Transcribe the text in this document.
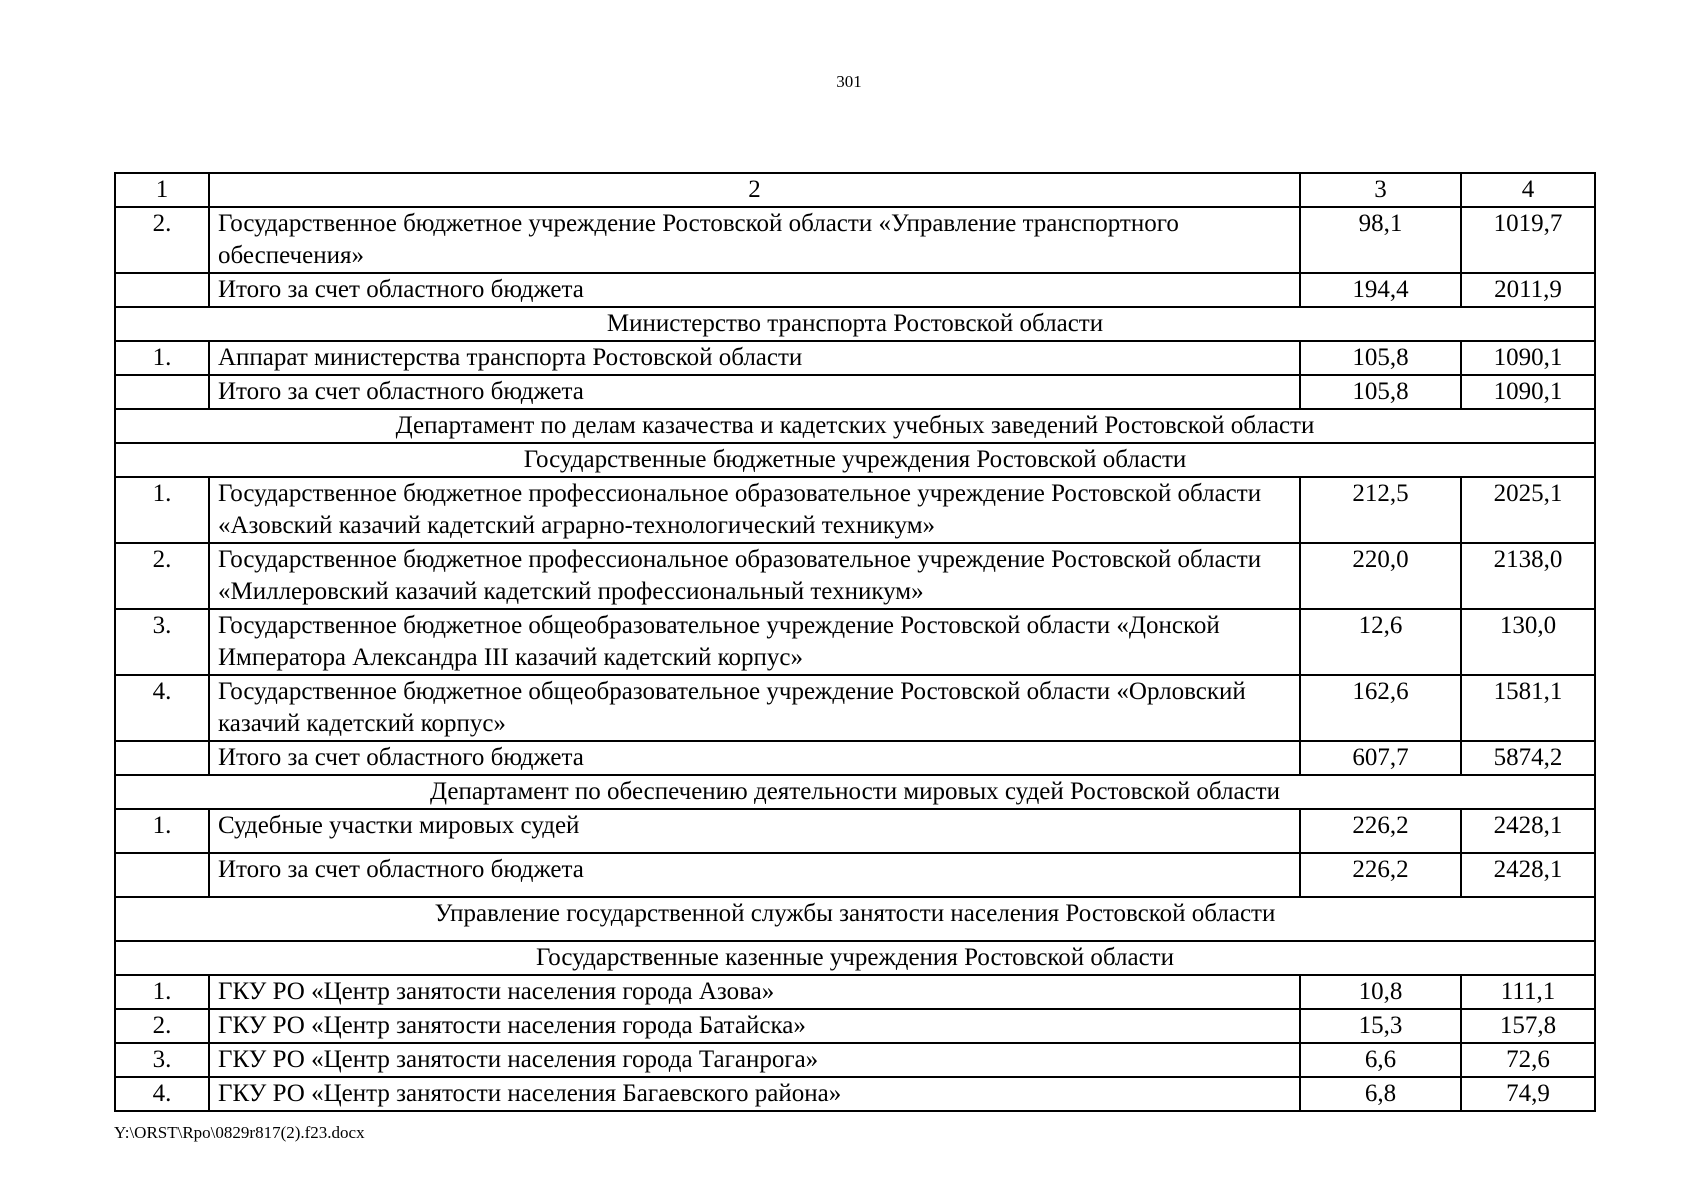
301
1	2	3	4
2.	Государственное бюджетное учреждение Ростовской области «Управление транспортного обеспечения»	98,1	1019,7
	Итого за счет областного бюджета	194,4	2011,9
Министерство транспорта Ростовской области			
1.	Аппарат министерства транспорта Ростовской области	105,8	1090,1
	Итого за счет областного бюджета	105,8	1090,1
Департамент по делам казачества и кадетских учебных заведений Ростовской области			
Государственные бюджетные учреждения Ростовской области			
1.	Государственное бюджетное профессиональное образовательное учреждение Ростовской области «Азовский казачий кадетский аграрно-технологический техникум»	212,5	2025,1
2.	Государственное бюджетное профессиональное образовательное учреждение Ростовской области «Миллеровский казачий кадетский профессиональный техникум»	220,0	2138,0
3.	Государственное бюджетное общеобразовательное учреждение Ростовской области «Донской Императора Александра III казачий кадетский корпус»	12,6	130,0
4.	Государственное бюджетное общеобразовательное учреждение Ростовской области «Орловский казачий кадетский корпус»	162,6	1581,1
	Итого за счет областного бюджета	607,7	5874,2
Департамент по обеспечению деятельности мировых судей Ростовской области			
1.	Судебные участки мировых судей	226,2	2428,1
	Итого за счет областного бюджета	226,2	2428,1
Управление государственной службы занятости населения Ростовской области			
Государственные казенные учреждения Ростовской области			
1.	ГКУ РО «Центр занятости населения города Азова»	10,8	111,1
2.	ГКУ РО «Центр занятости населения города Батайска»	15,3	157,8
3.	ГКУ РО «Центр занятости населения города Таганрога»	6,6	72,6
4.	ГКУ РО «Центр занятости населения Багаевского района»	6,8	74,9
Y:\ORST\Rpo\0829r817(2).f23.docx
